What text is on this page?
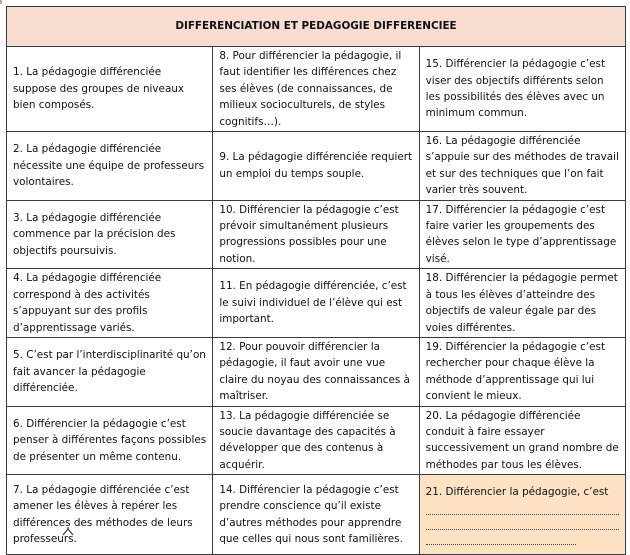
DIFFERENCIATION ET PEDAGOGIE DIFFERENCIEE		
1. La pédagogie différenciée suppose des groupes de niveaux bien composés.	8. Pour différencier la pédagogie, il faut identifier les différences chez ses élèves (de connaissances, de milieux socioculturels, de styles cognitifs…).	15. Différencier la pédagogie c’est viser des objectifs différents selon les possibilités des élèves avec un minimum commun.
2. La pédagogie différenciée nécessite une équipe de professeurs volontaires.	9. La pédagogie différenciée requiert un emploi du temps souple.	16. La pédagogie différenciée s’appuie sur des méthodes de travail et sur des techniques que l’on fait varier très souvent.
3. La pédagogie différenciée commence par la précision des objectifs poursuivis.	10. Différencier la pédagogie c’est prévoir simultanément plusieurs progressions possibles pour une notion.	17. Différencier la pédagogie c’est faire varier les groupements des élèves selon le type d’apprentissage visé.
4. La pédagogie différenciée correspond à des activités s’appuyant sur des profils d’apprentissage variés.	11. En pédagogie différenciée, c’est le suivi individuel de l’élève qui est important.	18. Différencier la pédagogie permet à tous les élèves d’atteindre des objectifs de valeur égale par des voies différentes.
5. C’est par l’interdisciplinarité qu’on fait avancer la pédagogie différenciée.	12. Pour pouvoir différencier la pédagogie, il faut avoir une vue claire du noyau des connaissances à maîtriser.	19. Différencier la pédagogie c’est rechercher pour chaque élève la méthode d’apprentissage qui lui convient le mieux.
6. Différencier la pédagogie c’est penser à différentes façons possibles de présenter un même contenu.	13. La pédagogie différenciée se soucie davantage des capacités à développer que des contenus à acquérir.	20. La pédagogie différenciée conduit à faire essayer successivement un grand nombre de méthodes par tous les élèves.
7. La pédagogie différenciée c’est amener les élèves à repérer les différences des méthodes de leurs professeurs.	14. Différencier la pédagogie c’est prendre conscience qu’il existe d’autres méthodes pour apprendre que celles qui nous sont familières.	21. Différencier la pédagogie, c’est
